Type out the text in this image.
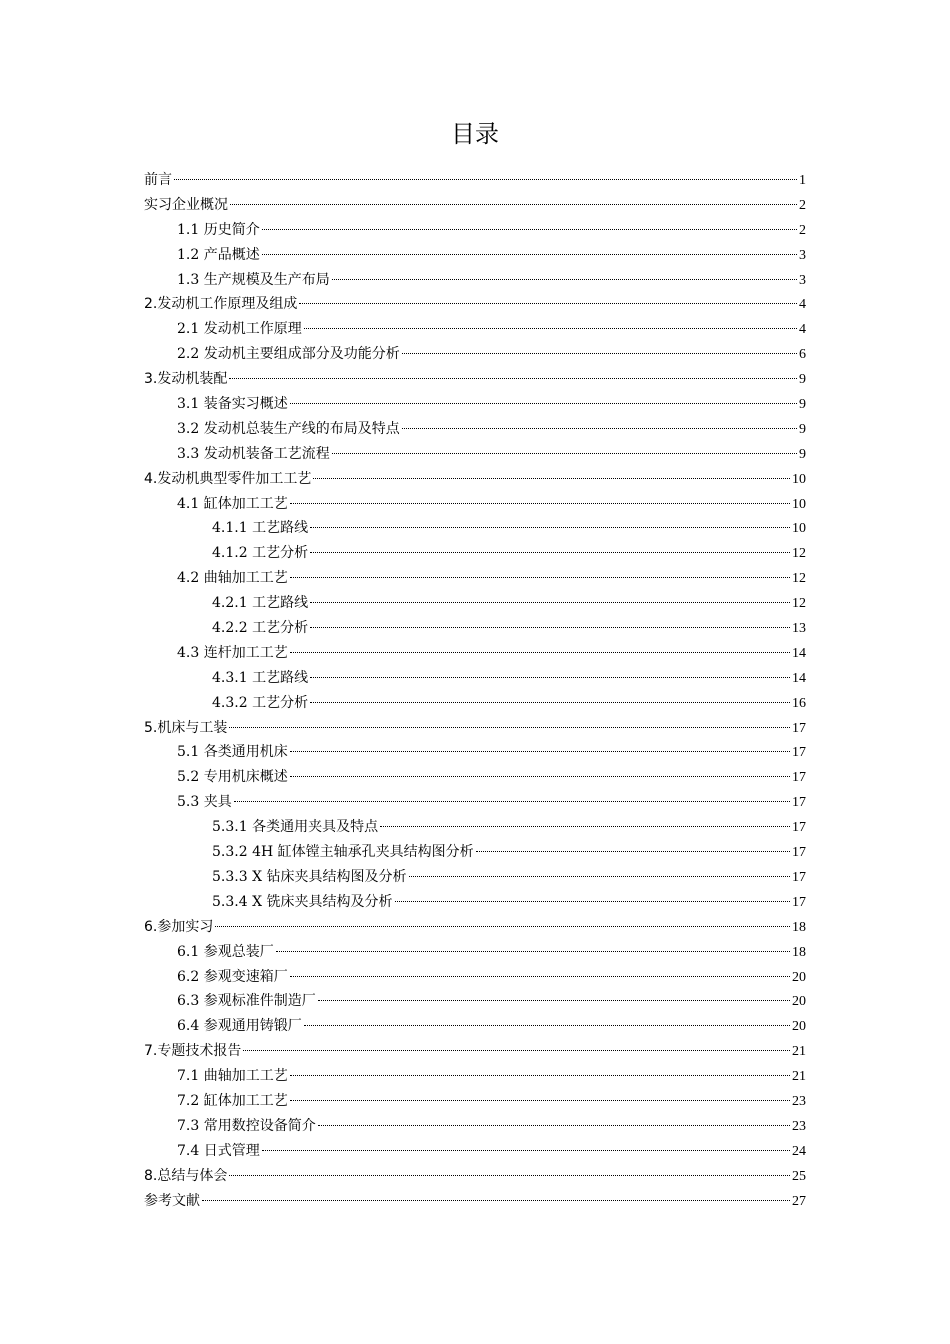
目录
前言	1
实习企业概况	2
1.1 历史简介	2
1.2 产品概述	3
1.3 生产规模及生产布局	3
2.发动机工作原理及组成	4
2.1 发动机工作原理	4
2.2 发动机主要组成部分及功能分析	6
3.发动机装配	9
3.1 装备实习概述	9
3.2 发动机总装生产线的布局及特点	9
3.3 发动机装备工艺流程	9
4.发动机典型零件加工工艺	10
4.1 缸体加工工艺	10
4.1.1 工艺路线	10
4.1.2 工艺分析	12
4.2 曲轴加工工艺	12
4.2.1 工艺路线	12
4.2.2 工艺分析	13
4.3 连杆加工工艺	14
4.3.1 工艺路线	14
4.3.2 工艺分析	16
5.机床与工装	17
5.1 各类通用机床	17
5.2 专用机床概述	17
5.3 夹具	17
5.3.1 各类通用夹具及特点	17
5.3.2 4H 缸体镗主轴承孔夹具结构图分析	17
5.3.3 X 钻床夹具结构图及分析	17
5.3.4 X 铣床夹具结构及分析	17
6.参加实习	18
6.1 参观总装厂	18
6.2 参观变速箱厂	20
6.3 参观标准件制造厂	20
6.4 参观通用铸锻厂	20
7.专题技术报告	21
7.1 曲轴加工工艺	21
7.2 缸体加工工艺	23
7.3 常用数控设备简介	23
7.4 日式管理	24
8.总结与体会	25
参考文献	27
